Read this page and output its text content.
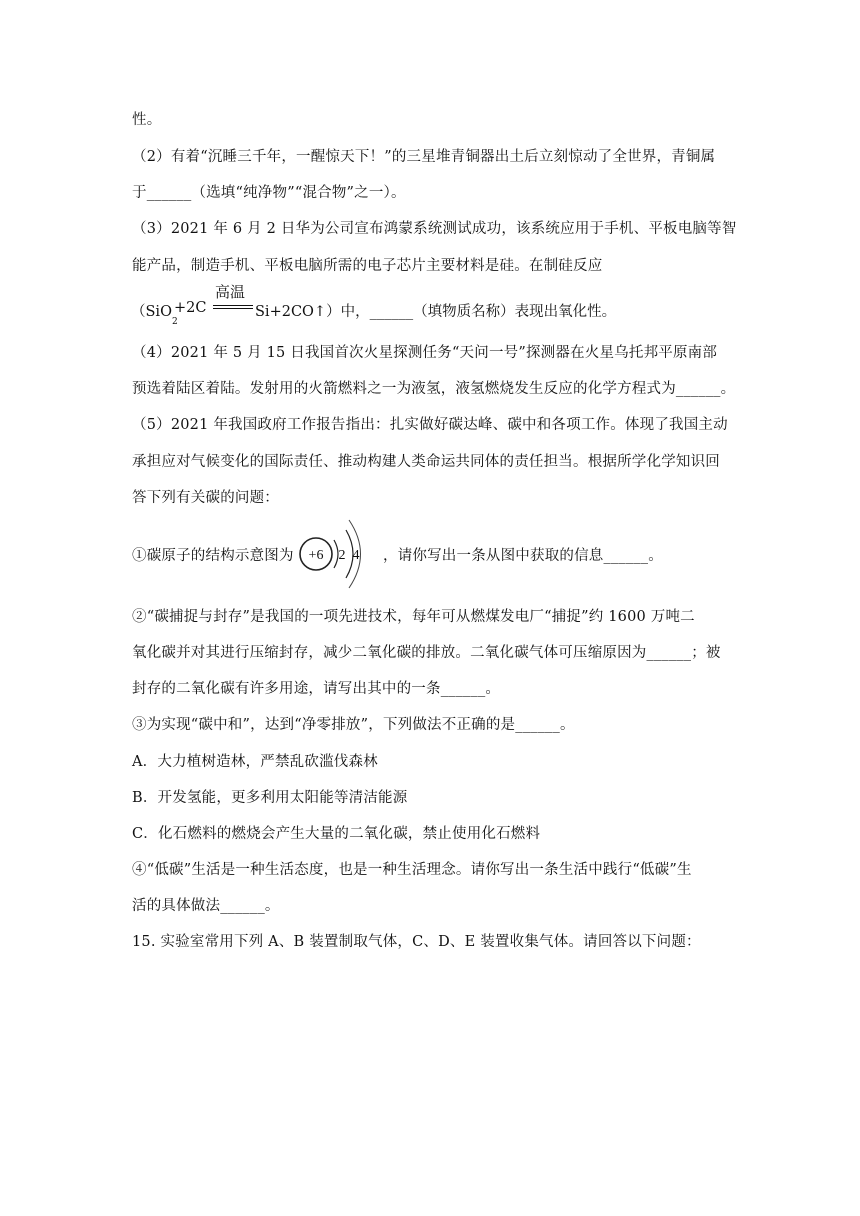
性。
（2）有着“沉睡三千年，一醒惊天下！”的三星堆青铜器出土后立刻惊动了全世界，青铜属
于______（选填“纯净物”“混合物”之一）。
（3）2021 年 6 月 2 日华为公司宣布鸿蒙系统测试成功，该系统应用于手机、平板电脑等智
能产品，制造手机、平板电脑所需的电子芯片主要材料是硅。在制硅反应
（SiO$_2$
+2C
高温
Si+2CO↑）中，______（填物质名称）表现出氧化性。
（4）2021 年 5 月 15 日我国首次火星探测任务“天问一号”探测器在火星乌托邦平原南部
预选着陆区着陆。发射用的火箭燃料之一为液氢，液氢燃烧发生反应的化学方程式为______。
（5）2021 年我国政府工作报告指出：扎实做好碳达峰、碳中和各项工作。体现了我国主动
承担应对气候变化的国际责任、推动构建人类命运共同体的责任担当。根据所学化学知识回
答下列有关碳的问题：
①碳原子的结构示意图为 +6 2 4 ，请你写出一条从图中获取的信息______。
②“碳捕捉与封存”是我国的一项先进技术，每年可从燃煤发电厂“捕捉”约 1600 万吨二
氧化碳并对其进行压缩封存，减少二氧化碳的排放。二氧化碳气体可压缩原因为______；被
封存的二氧化碳有许多用途，请写出其中的一条______。
③为实现“碳中和”，达到“净零排放”，下列做法不正确的是______。
A．大力植树造林，严禁乱砍滥伐森林
B．开发氢能，更多利用太阳能等清洁能源
C．化石燃料的燃烧会产生大量的二氧化碳，禁止使用化石燃料
④“低碳”生活是一种生活态度，也是一种生活理念。请你写出一条生活中践行“低碳”生
活的具体做法______。
15. 实验室常用下列 A、B 装置制取气体，C、D、E 装置收集气体。请回答以下问题：
